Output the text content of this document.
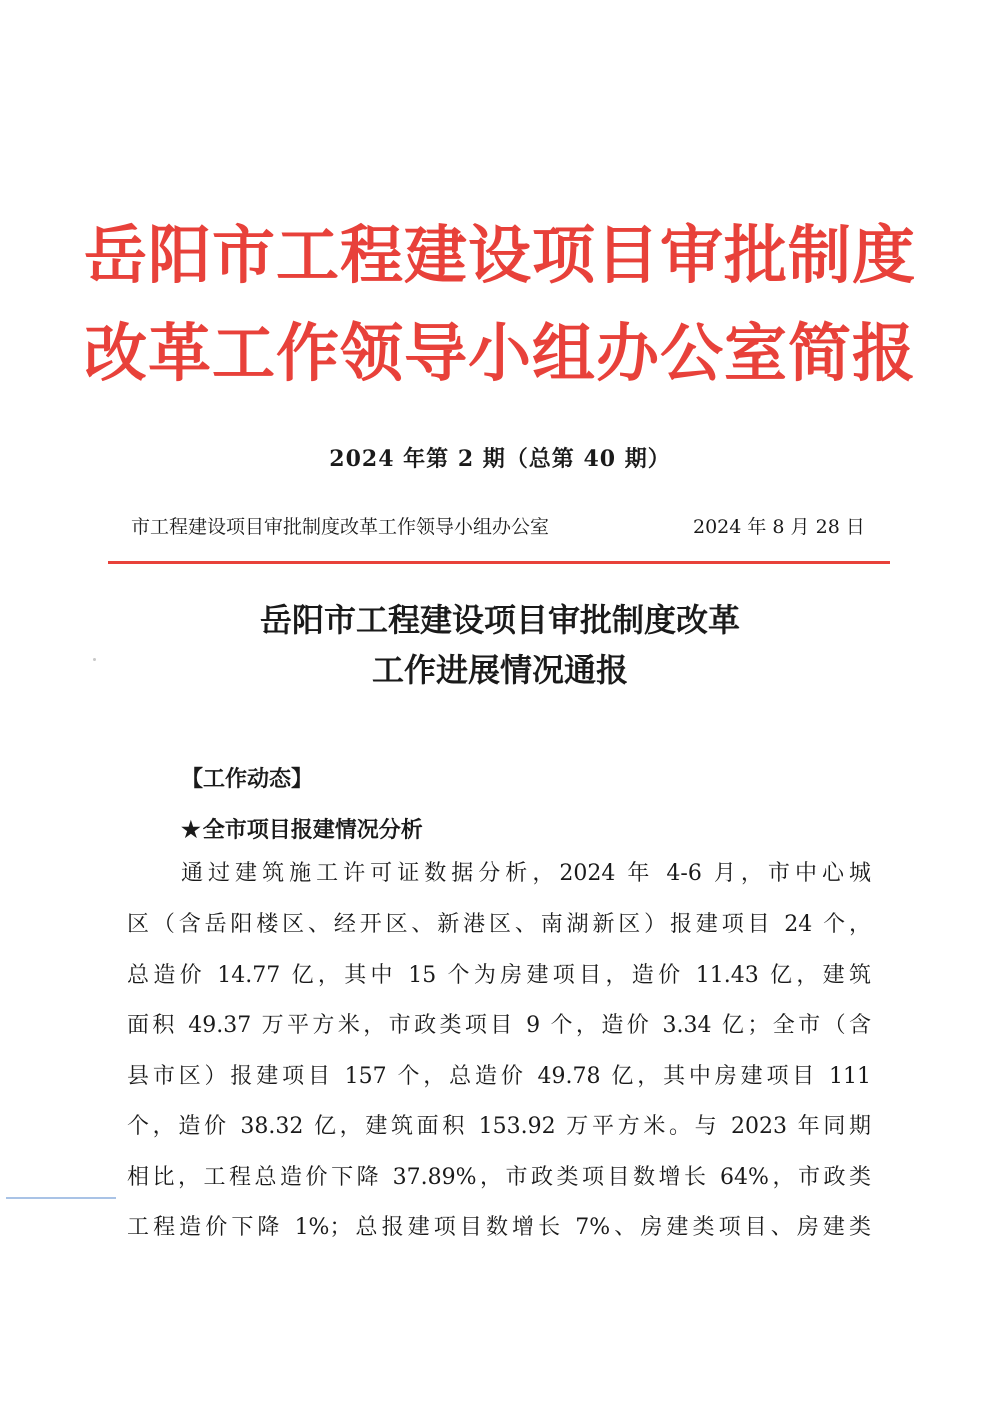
岳阳市工程建设项目审批制度
改革工作领导小组办公室简报
2024 年第 2 期（总第 40 期）
市工程建设项目审批制度改革工作领导小组办公室	2024 年 8 月 28 日
岳阳市工程建设项目审批制度改革
工作进展情况通报
【工作动态】
★全市项目报建情况分析
通过建筑施工许可证数据分析，2024 年 4-6 月，市中心城
区（含岳阳楼区、经开区、新港区、南湖新区）报建项目 24 个，
总造价 14.77 亿，其中 15 个为房建项目，造价 11.43 亿，建筑
面积 49.37 万平方米，市政类项目 9 个，造价 3.34 亿；全市（含
县市区）报建项目 157 个，总造价 49.78 亿，其中房建项目 111
个，造价 38.32 亿，建筑面积 153.92 万平方米。与 2023 年同期
相比，工程总造价下降 37.89%，市政类项目数增长 64%，市政类
工程造价下降 1%；总报建项目数增长 7%、房建类项目、房建类
